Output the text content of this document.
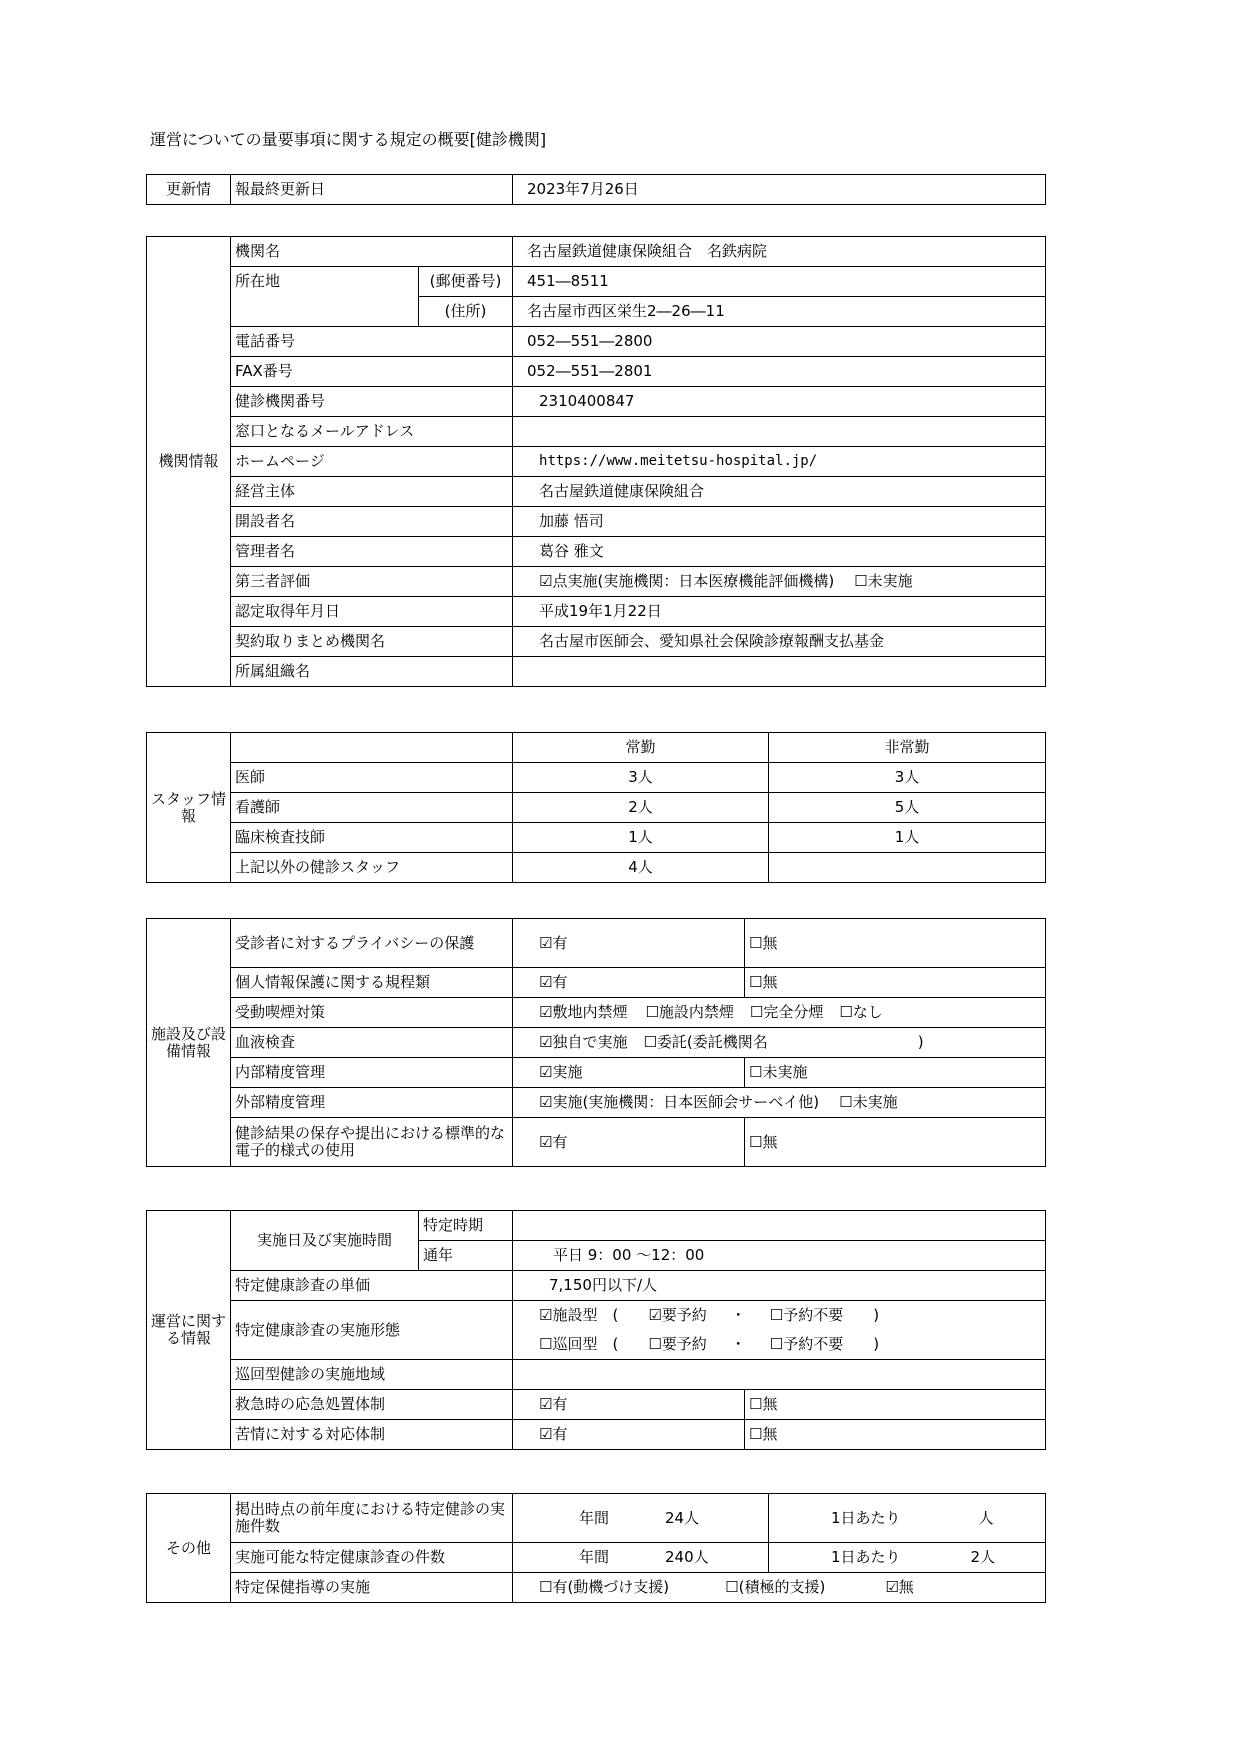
運営についての量要事項に関する規定の概要[健診機関]
更新情	報最終更新日	2023年7月26日
機関情報	機関名		名古屋鉄道健康保険組合　名鉄病院
	所在地	(郵便番号)	451―8511
		(住所)	名古屋市西区栄生2―26―11
	電話番号		052―551―2800
	FAX番号		052―551―2801
	健診機関番号		2310400847
	窓口となるメールアドレス		
	ホームページ		https://www.meitetsu-hospital.jp/
	経営主体		名古屋鉄道健康保険組合
	開設者名		加藤 悟司
	管理者名		葛谷 雅文
	第三者評価		☑点実施(実施機関：日本医療機能評価機構) ☐未実施
	認定取得年月日		平成19年1月22日
	契約取りまとめ機関名		名古屋市医師会、愛知県社会保険診療報酬支払基金
	所属組織名		
スタッフ情報		常勤	非常勤
	医師	3人	3人
	看護師	2人	5人
	臨床検査技師	1人	1人
	上記以外の健診スタッフ	4人	
施設及び設備情報	受診者に対するプライバシーの保護	☑有	☐無
	個人情報保護に関する規程類	☑有	☐無
	受動喫煙対策	☑敷地内禁煙 ☐施設内禁煙 ☐完全分煙 ☐なし	
	血液検査	☑独自で実施 ☐委託(委託機関名 )	
	内部精度管理	☑実施	☐未実施
	外部精度管理	☑実施(実施機関：日本医師会サーベイ他) ☐未実施	
	健診結果の保存や提出における標準的な電子的様式の使用	☑有	☐無
運営に関する情報	実施日及び実施時間	特定時期		
		通年	平日 9：00 ～12：00	
	特定健康診査の単価		7,150円以下/人	
	特定健康診査の実施形態		☑施設型　( ☑要予約 ・ ☐予約不要 )	
			☐巡回型　( ☐要予約 ・ ☐予約不要 )	
	巡回型健診の実施地域			
	救急時の応急処置体制		☑有	☐無
	苦情に対する対応体制		☑有	☐無
その他	掲出時点の前年度における特定健診の実施件数	年間 24人	1日あたり 人
	実施可能な特定健康診査の件数	年間 240人	1日あたり 2人
	特定保健指導の実施	☐有(動機づけ支援) ☐(積極的支援) ☑無	
